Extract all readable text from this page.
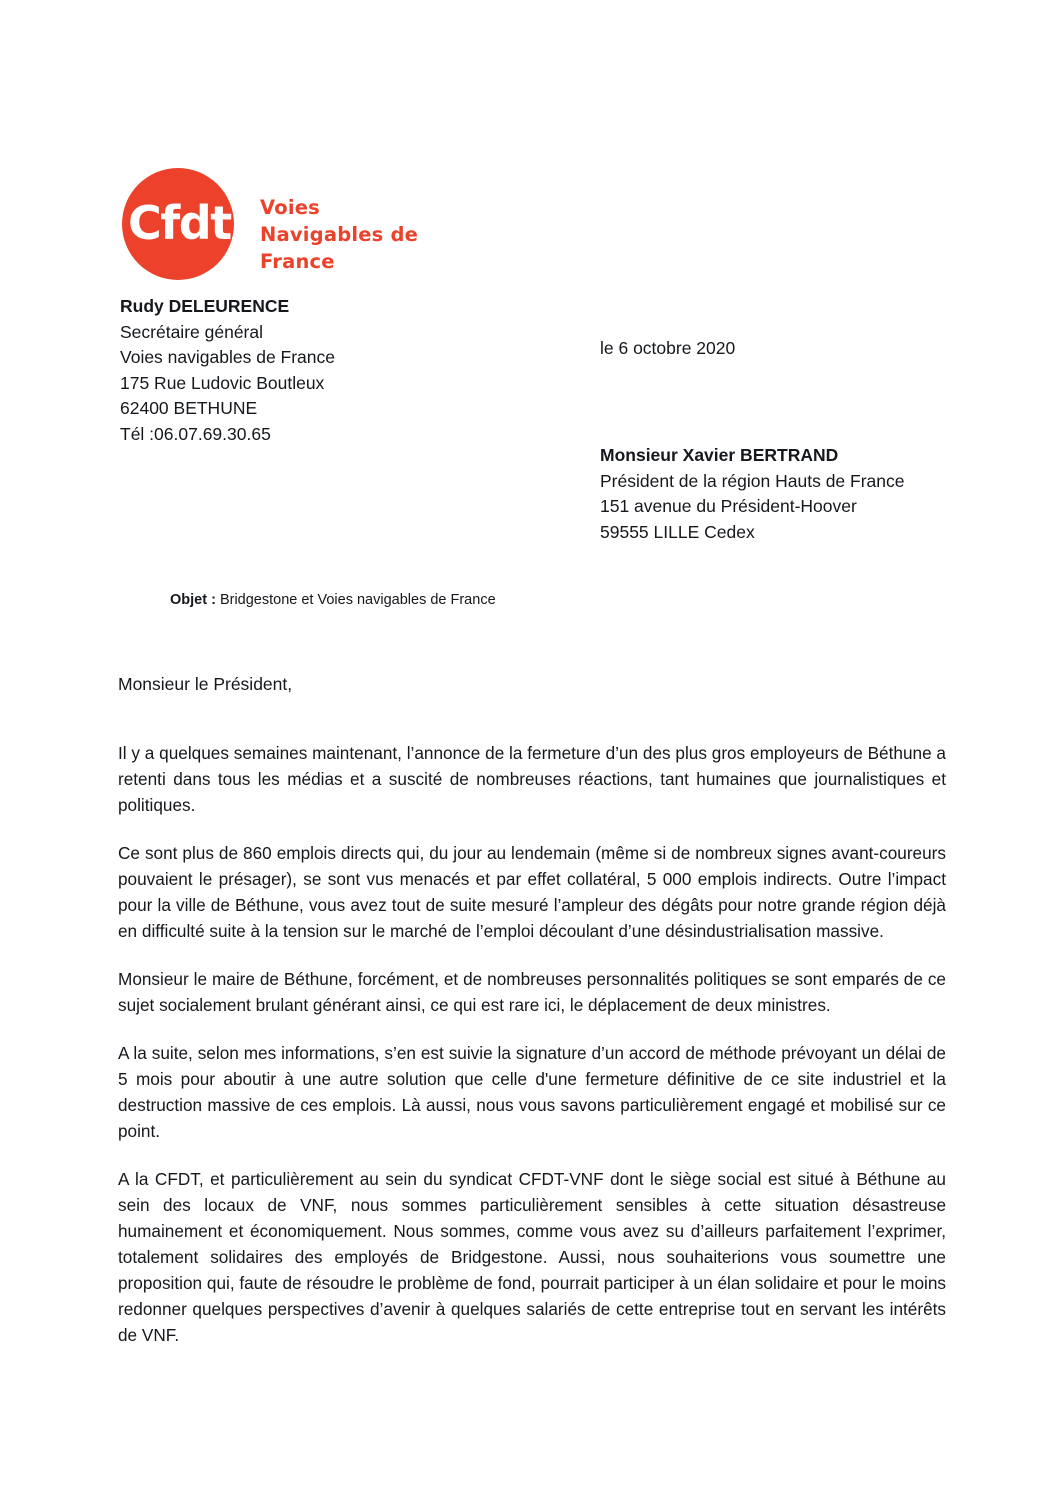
Cfdt: Voies
Navigables de
France
Rudy DELEURENCE
Secrétaire général
Voies navigables de France
175 Rue Ludovic Boutleux
62400 BETHUNE
Tél :06.07.69.30.65
le 6 octobre 2020
Monsieur Xavier BERTRAND
Président de la région Hauts de France
151 avenue du Président-Hoover
59555 LILLE Cedex
Objet : Bridgestone et Voies navigables de France
Monsieur le Président,

Il y a quelques semaines maintenant, l’annonce de la fermeture d’un des plus gros employeurs de Béthune a retenti dans tous les médias et a suscité de nombreuses réactions, tant humaines que journalistiques et politiques.

Ce sont plus de 860 emplois directs qui, du jour au lendemain (même si de nombreux signes avant-coureurs pouvaient le présager), se sont vus menacés et par effet collatéral, 5 000 emplois indirects. Outre l’impact pour la ville de Béthune, vous avez tout de suite mesuré l’ampleur des dégâts pour notre grande région déjà en difficulté suite à la tension sur le marché de l’emploi découlant d’une désindustrialisation massive.

Monsieur le maire de Béthune, forcément, et de nombreuses personnalités politiques se sont emparés de ce sujet socialement brulant générant ainsi, ce qui est rare ici, le déplacement de deux ministres.

A la suite, selon mes informations, s’en est suivie la signature d’un accord de méthode prévoyant un délai de 5 mois pour aboutir à une autre solution que celle d'une fermeture définitive de ce site industriel et la destruction massive de ces emplois. Là aussi, nous vous savons particulièrement engagé et mobilisé sur ce point.

A la CFDT, et particulièrement au sein du syndicat CFDT-VNF dont le siège social est situé à Béthune au sein des locaux de VNF, nous sommes particulièrement sensibles à cette situation désastreuse humainement et économiquement. Nous sommes, comme vous avez su d’ailleurs parfaitement l’exprimer, totalement solidaires des employés de Bridgestone. Aussi, nous souhaiterions vous soumettre une proposition qui, faute de résoudre le problème de fond, pourrait participer à un élan solidaire et pour le moins redonner quelques perspectives d’avenir à quelques salariés de cette entreprise tout en servant les intérêts de VNF.
